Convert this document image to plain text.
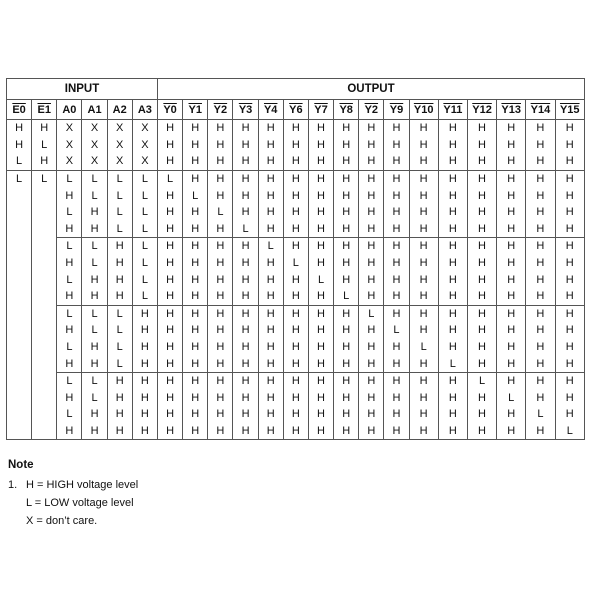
INPUT						OUTPUT															
E0	E1	A0	A1	A2	A3	Y0	Y1	Y2	Y3	Y4	Y6	Y7	Y8	Y2	Y9	Y10	Y11	Y12	Y13	Y14	Y15
H	H	X	X	X	X	H	H	H	H	H	H	H	H	H	H	H	H	H	H	H	H
H	L	X	X	X	X	H	H	H	H	H	H	H	H	H	H	H	H	H	H	H	H
L	H	X	X	X	X	H	H	H	H	H	H	H	H	H	H	H	H	H	H	H	H
L	L	L	L	L	L	L	H	H	H	H	H	H	H	H	H	H	H	H	H	H	H
		H	L	L	L	H	L	H	H	H	H	H	H	H	H	H	H	H	H	H	H
		L	H	L	L	H	H	L	H	H	H	H	H	H	H	H	H	H	H	H	H
		H	H	L	L	H	H	H	L	H	H	H	H	H	H	H	H	H	H	H	H
		L	L	H	L	H	H	H	H	L	H	H	H	H	H	H	H	H	H	H	H
		H	L	H	L	H	H	H	H	H	L	H	H	H	H	H	H	H	H	H	H
		L	H	H	L	H	H	H	H	H	H	L	H	H	H	H	H	H	H	H	H
		H	H	H	L	H	H	H	H	H	H	H	L	H	H	H	H	H	H	H	H
		L	L	L	H	H	H	H	H	H	H	H	H	L	H	H	H	H	H	H	H
		H	L	L	H	H	H	H	H	H	H	H	H	H	L	H	H	H	H	H	H
		L	H	L	H	H	H	H	H	H	H	H	H	H	H	L	H	H	H	H	H
		H	H	L	H	H	H	H	H	H	H	H	H	H	H	H	L	H	H	H	H
		L	L	H	H	H	H	H	H	H	H	H	H	H	H	H	H	L	H	H	H
		H	L	H	H	H	H	H	H	H	H	H	H	H	H	H	H	H	L	H	H
		L	H	H	H	H	H	H	H	H	H	H	H	H	H	H	H	H	H	L	H
		H	H	H	H	H	H	H	H	H	H	H	H	H	H	H	H	H	H	H	L
Note
1. H = HIGH voltage level
L = LOW voltage level
X = don’t care.
